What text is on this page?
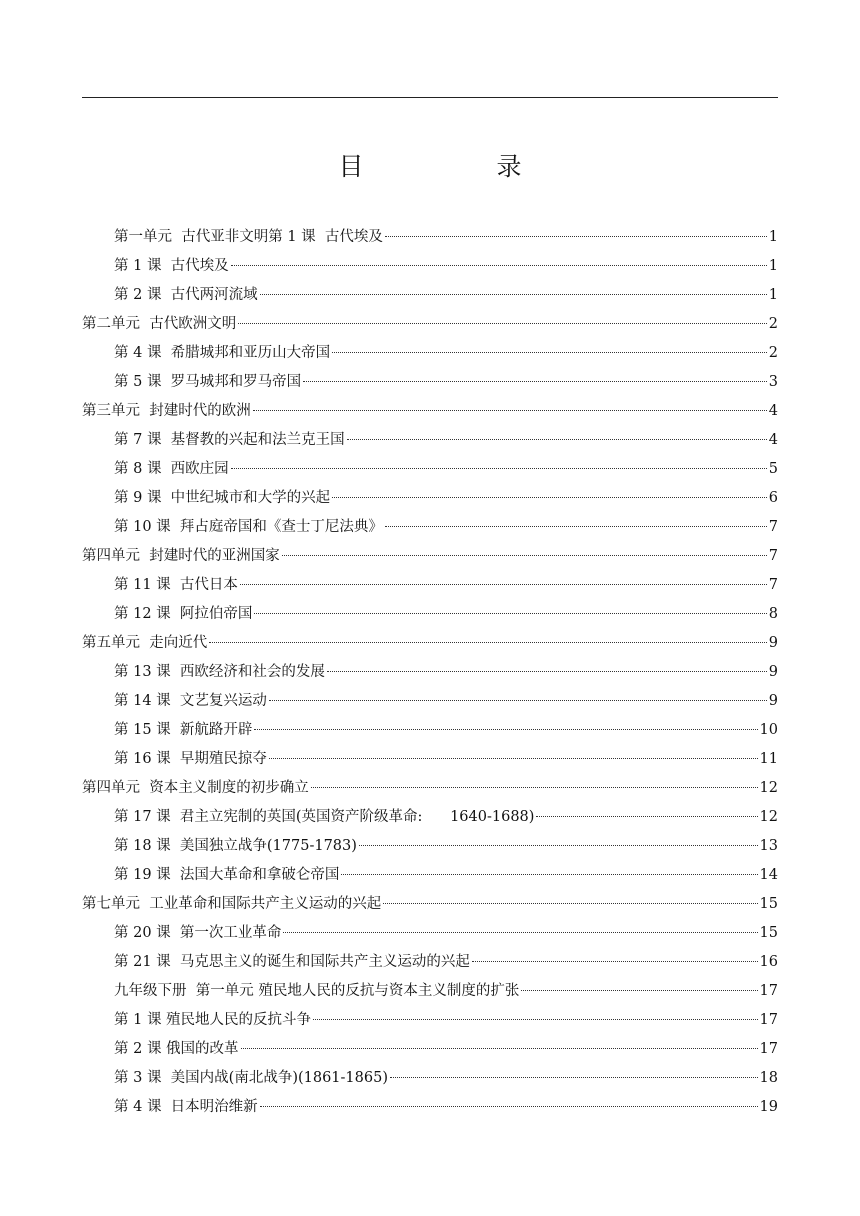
目　录
第一单元  古代亚非文明第 1 课  古代埃及	1
第 1 课  古代埃及	1
第 2 课  古代两河流域	1
第二单元  古代欧洲文明	2
第 4 课  希腊城邦和亚历山大帝国	2
第 5 课  罗马城邦和罗马帝国	3
第三单元  封建时代的欧洲	4
第 7 课  基督教的兴起和法兰克王国	4
第 8 课  西欧庄园	5
第 9 课  中世纪城市和大学的兴起	6
第 10 课  拜占庭帝国和《查士丁尼法典》	7
第四单元  封建时代的亚洲国家	7
第 11 课  古代日本	7
第 12 课  阿拉伯帝国	8
第五单元  走向近代	9
第 13 课  西欧经济和社会的发展	9
第 14 课  文艺复兴运动	9
第 15 课  新航路开辟	10
第 16 课  早期殖民掠夺	11
第四单元  资本主义制度的初步确立	12
第 17 课  君主立宪制的英国(英国资产阶级革命:      1640-1688)	12
第 18 课  美国独立战争(1775-1783)	13
第 19 课  法国大革命和拿破仑帝国	14
第七单元  工业革命和国际共产主义运动的兴起	15
第 20 课  第一次工业革命	15
第 21 课  马克思主义的诞生和国际共产主义运动的兴起	16
九年级下册  第一单元 殖民地人民的反抗与资本主义制度的扩张	17
第 1 课 殖民地人民的反抗斗争	17
第 2 课 俄国的改革	17
第 3 课  美国内战(南北战争)(1861-1865)	18
第 4 课  日本明治维新	19
